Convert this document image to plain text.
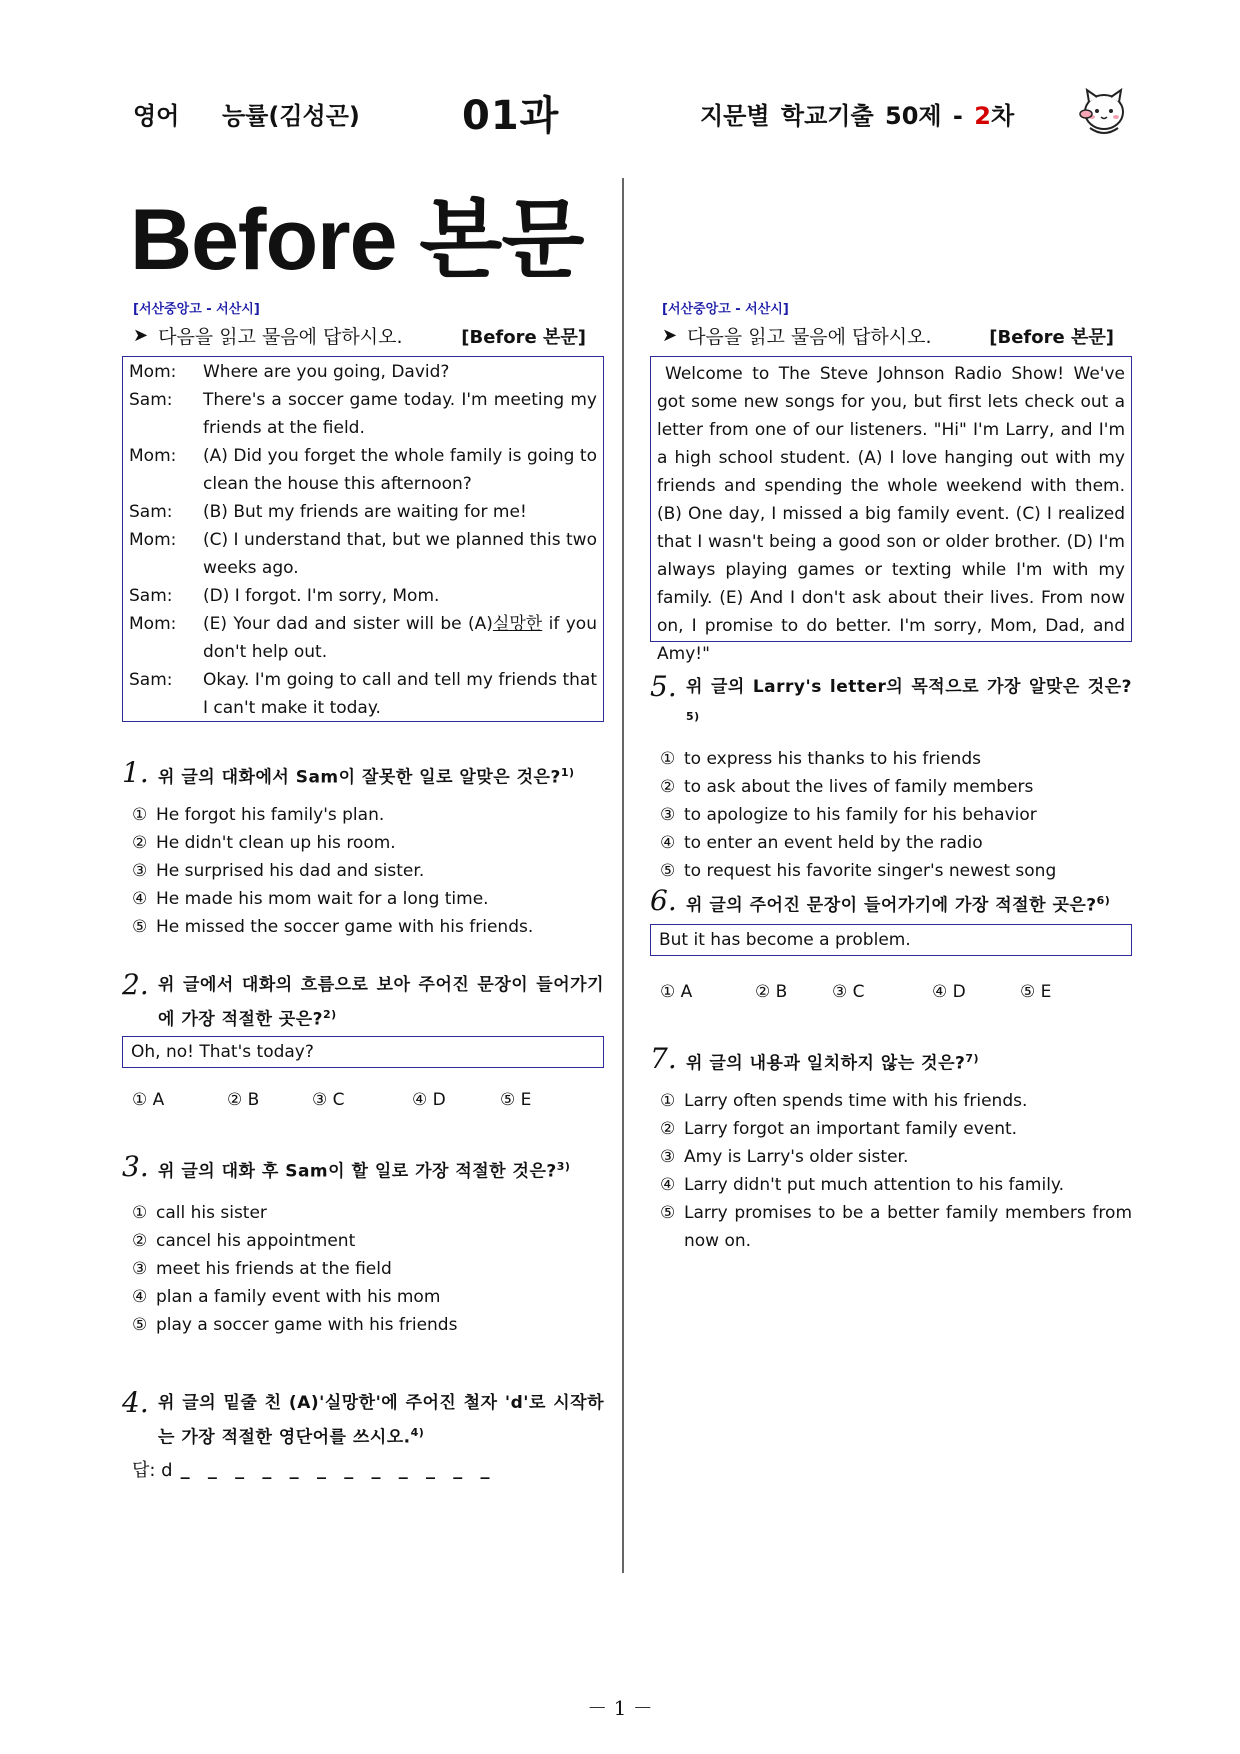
영어 능률(김성곤)	01과	지문별 학교기출 50제 - 2차
Before 본문
[서산중앙고 - 서산시]
➤ 다음을 읽고 물음에 답하시오.	[Before 본문]
Mom:	Where are you going, David?
Sam:	There's a soccer game today. I'm meeting my friends at the field.
Mom:	(A) Did you forget the whole family is going to clean the house this afternoon?
Sam:	(B) But my friends are waiting for me!
Mom:	(C) I understand that, but we planned this two weeks ago.
Sam:	(D) I forgot. I'm sorry, Mom.
Mom:	(E) Your dad and sister will be (A)실망한 if you don't help out.
Sam:	Okay. I'm going to call and tell my friends that I can't make it today.
1. 위 글의 대화에서 Sam이 잘못한 일로 알맞은 것은?$^{1)}$
① He forgot his family's plan.
② He didn't clean up his room.
③ He surprised his dad and sister.
④ He made his mom wait for a long time.
⑤ He missed the soccer game with his friends.
2. 위 글에서 대화의 흐름으로 보아 주어진 문장이 들어가기에 가장 적절한 곳은?$^{2)}$
Oh, no! That's today?
① A	② B	③ C	④ D	⑤ E
3. 위 글의 대화 후 Sam이 할 일로 가장 적절한 것은?$^{3)}$
① call his sister
② cancel his appointment
③ meet his friends at the field
④ plan a family event with his mom
⑤ play a soccer game with his friends
4. 위 글의 밑줄 친 (A)'실망한'에 주어진 철자 'd'로 시작하는 가장 적절한 영단어를 쓰시오.$^{4)}$
답: d _ _ _ _ _ _ _ _ _ _ _ _
[서산중앙고 - 서산시]
➤ 다음을 읽고 물음에 답하시오.	[Before 본문]
Welcome to The Steve Johnson Radio Show! We've got some new songs for you, but first lets check out a letter from one of our listeners. "Hi" I'm Larry, and I'm a high school student. (A) I love hanging out with my friends and spending the whole weekend with them. (B) One day, I missed a big family event. (C) I realized that I wasn't being a good son or older brother. (D) I'm always playing games or texting while I'm with my family. (E) And I don't ask about their lives. From now on, I promise to do better. I'm sorry, Mom, Dad, and Amy!"
5. 위 글의 Larry's letter의 목적으로 가장 알맞은 것은?$^{5)}$
① to express his thanks to his friends
② to ask about the lives of family members
③ to apologize to his family for his behavior
④ to enter an event held by the radio
⑤ to request his favorite singer's newest song
6. 위 글의 주어진 문장이 들어가기에 가장 적절한 곳은?$^{6)}$
But it has become a problem.
① A	② B	③ C	④ D	⑤ E
7. 위 글의 내용과 일치하지 않는 것은?$^{7)}$
① Larry often spends time with his friends.
② Larry forgot an important family event.
③ Amy is Larry's older sister.
④ Larry didn't put much attention to his family.
⑤ Larry promises to be a better family members from now on.
－ 1 －
